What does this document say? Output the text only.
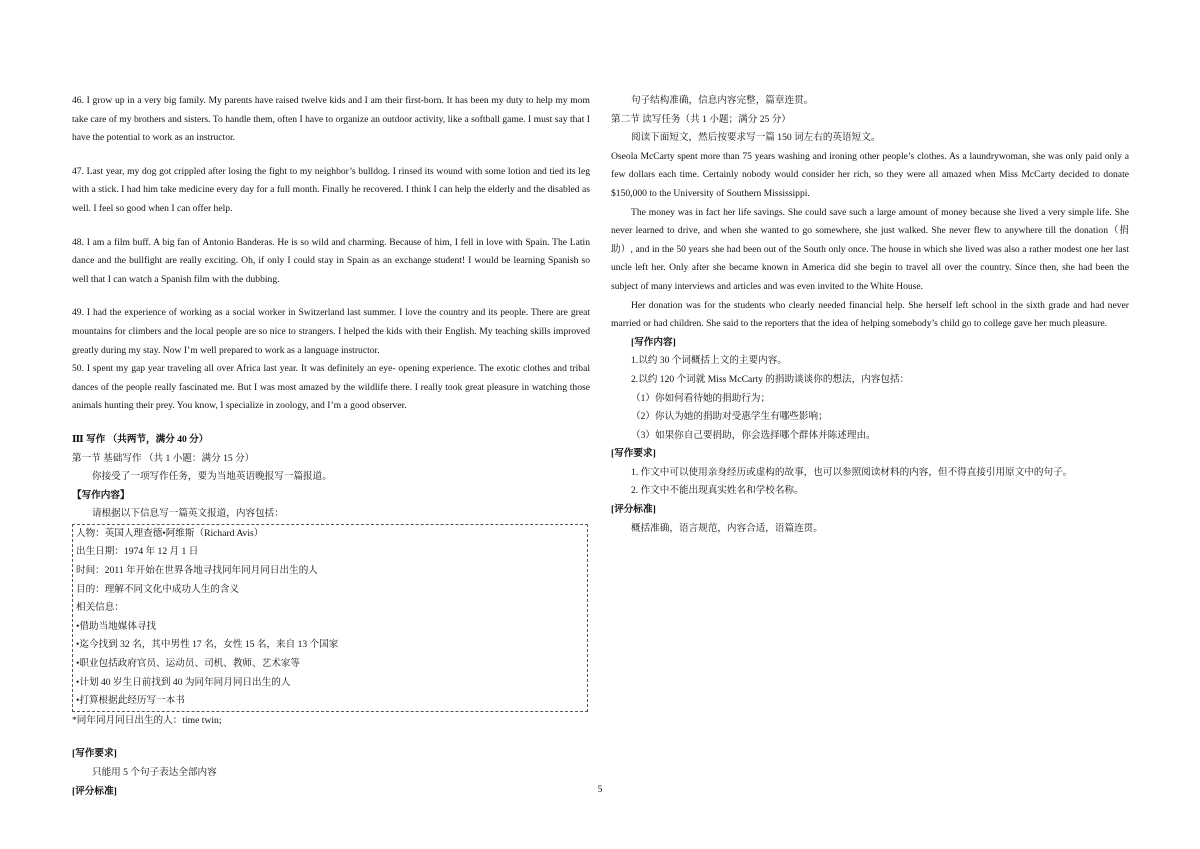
46. I grow up in a very big family. My parents have raised twelve kids and I am their first-born. It has been my duty to help my mom take care of my brothers and sisters. To handle them, often I have to organize an outdoor activity, like a softball game. I must say that I have the potential to work as an instructor.

47. Last year, my dog got crippled after losing the fight to my neighbor’s bulldog. I rinsed its wound with some lotion and tied its leg with a stick. I had him take medicine every day for a full month. Finally he recovered. I think I can help the elderly and the disabled as well. I feel so good when I can offer help.

48. I am a film buff. A big fan of Antonio Banderas. He is so wild and charming. Because of him, I fell in love with Spain. The Latin dance and the bullfight are really exciting. Oh, if only I could stay in Spain as an exchange student! I would be learning Spanish so well that I can watch a Spanish film with the dubbing.

49. I had the experience of working as a social worker in Switzerland last summer. I love the country and its people. There are great mountains for climbers and the local people are so nice to strangers. I helped the kids with their English. My teaching skills improved greatly during my stay. Now I’m well prepared to work as a language instructor.

50. I spent my gap year traveling all over Africa last year. It was definitely an eye- opening experience. The exotic clothes and tribal dances of the people really fascinated me. But I was most amazed by the wildlife there. I really took great pleasure in watching those animals hunting their prey. You know, I specialize in zoology, and I’m a good observer.

Ⅲ 写作 （共两节，满分 40 分）

第一节 基础写作 （共 1 小题：满分 15 分）

你接受了一项写作任务，要为当地英语晚报写一篇报道。

【写作内容】

请根据以下信息写一篇英文报道，内容包括：

人物：英国人理查德•阿维斯（Richard Avis）

出生日期：1974 年 12 月 1 日

时间：2011 年开始在世界各地寻找同年同月同日出生的人

目的：理解不同文化中成功人生的含义

相关信息：

•借助当地媒体寻找

•迄今找到 32 名，其中男性 17 名，女性 15 名，来自 13 个国家

•职业包括政府官员、运动员、司机、教师、艺术家等

•计划 40 岁生日前找到 40 为同年同月同日出生的人

•打算根据此经历写一本书

*同年同月同日出生的人：time twin;

[写作要求]

只能用 5 个句子表达全部内容

[评分标准]

句子结构准确，信息内容完整，篇章连贯。

第二节 读写任务（共 1 小题；满分 25 分）

阅读下面短文，然后按要求写一篇 150 词左右的英语短文。

Oseola McCarty spent more than 75 years washing and ironing other people’s clothes. As a laundrywoman, she was only paid only a few dollars each time. Certainly nobody would consider her rich, so they were all amazed when Miss McCarty decided to donate $150,000 to the University of Southern Mississippi.

The money was in fact her life savings. She could save such a large amount of money because she lived a very simple life. She never learned to drive, and when she wanted to go somewhere, she just walked. She never flew to anywhere till the donation（捐助）, and in the 50 years she had been out of the South only once. The house in which she lived was also a rather modest one her last uncle left her. Only after she became known in America did she begin to travel all over the country. Since then, she had been the subject of many interviews and articles and was even invited to the White House.

Her donation was for the students who clearly needed financial help. She herself left school in the sixth grade and had never married or had children. She said to the reporters that the idea of helping somebody’s child go to college gave her much pleasure.

[写作内容]

1.以约 30 个词概括上文的主要内容。

2.以约 120 个词就 Miss McCarty 的捐助谈谈你的想法，内容包括：

（1）你如何看待她的捐助行为；

（2）你认为她的捐助对受惠学生有哪些影响；

（3）如果你自己要捐助，你会选择哪个群体并陈述理由。

[写作要求]

1. 作文中可以使用亲身经历或虚构的故事，也可以参照阅读材料的内容，但不得直接引用原文中的句子。

2. 作文中不能出现真实姓名和学校名称。

[评分标准]

概括准确，语言规范，内容合适，语篇连贯。

5
